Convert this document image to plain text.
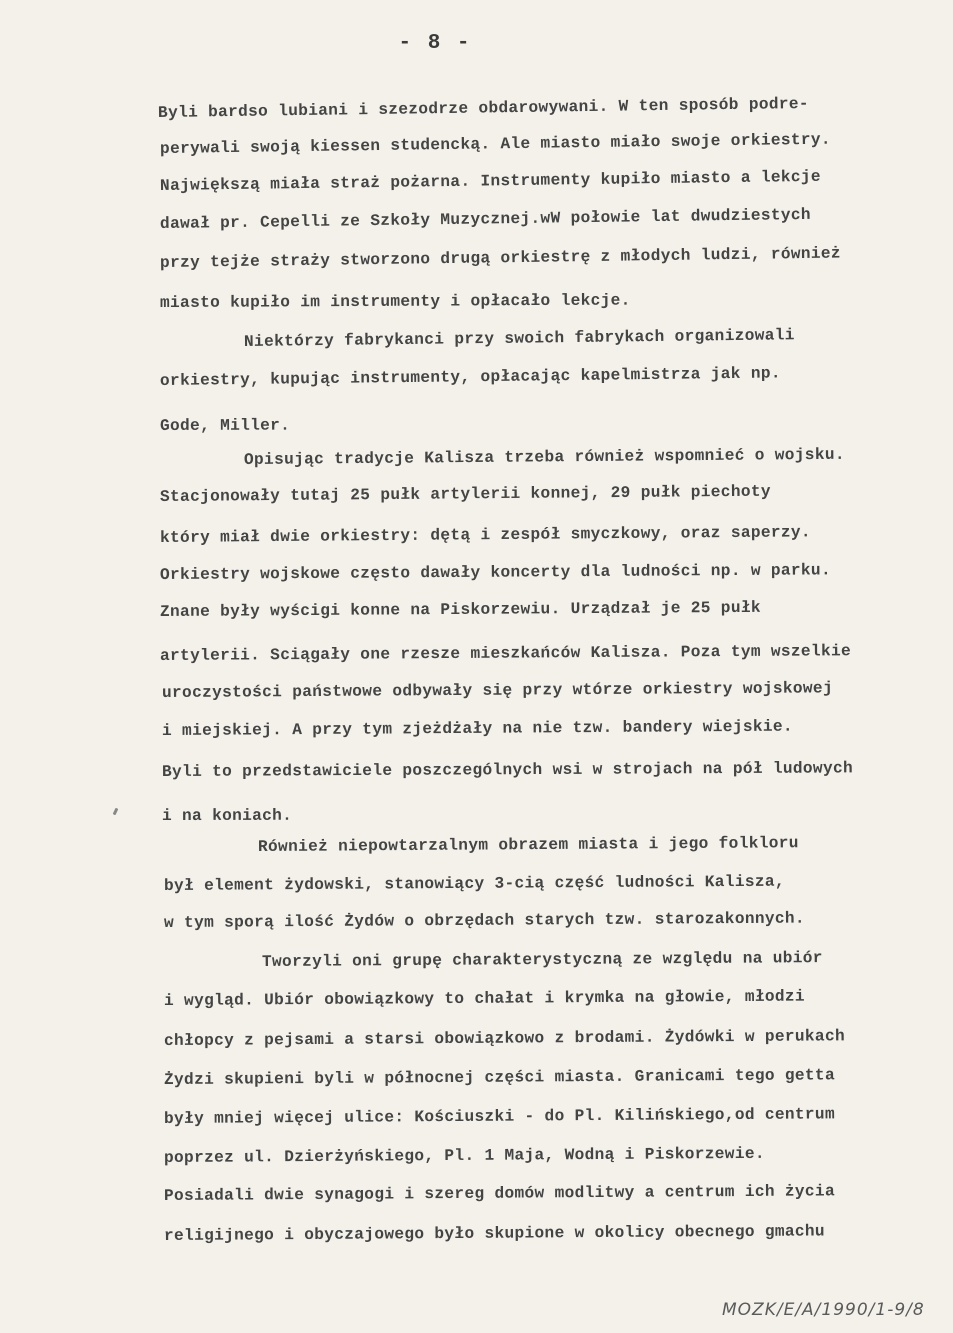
- 8 -
Byli bardso lubiani i szezodrze obdarowywani. W ten sposób podre-
perywali swoją kiessen studencką. Ale miasto miało swoje orkiestry.
Największą miała straż pożarna. Instrumenty kupiło miasto a lekcje
dawał pr. Cepelli ze Szkoły Muzycznej.wW połowie lat dwudziestych
przy tejże straży stworzono drugą orkiestrę z młodych ludzi, również
miasto kupiło im instrumenty i opłacało lekcje.
Niektórzy fabrykanci przy swoich fabrykach organizowali
orkiestry, kupując instrumenty, opłacając kapelmistrza jak np.
Gode, Miller.
Opisując tradycje Kalisza trzeba również wspomnieć o wojsku.
Stacjonowały tutaj 25 pułk artylerii konnej, 29 pułk piechoty
który miał dwie orkiestry: dętą i zespół smyczkowy, oraz saperzy.
Orkiestry wojskowe często dawały koncerty dla ludności np. w parku.
Znane były wyścigi konne na Piskorzewiu. Urządzał je 25 pułk
artylerii. Sciągały one rzesze mieszkańców Kalisza. Poza tym wszelkie
uroczystości państwowe odbywały się przy wtórze orkiestry wojskowej
i miejskiej. A przy tym zjeżdżały na nie tzw. bandery wiejskie.
Byli to przedstawiciele poszczególnych wsi w strojach na pół ludowych
i na koniach.
Również niepowtarzalnym obrazem miasta i jego folkloru
był element żydowski, stanowiący 3-cią część ludności Kalisza,
w tym sporą ilość Żydów o obrzędach starych tzw. starozakonnych.
Tworzyli oni grupę charakterystyczną ze względu na ubiór
i wygląd. Ubiór obowiązkowy to chałat i krymka na głowie, młodzi
chłopcy z pejsami a starsi obowiązkowo z brodami. Żydówki w perukach
Żydzi skupieni byli w północnej części miasta. Granicami tego getta
były mniej więcej ulice: Kościuszki - do Pl. Kilińskiego,od centrum
poprzez ul. Dzierżyńskiego, Pl. 1 Maja, Wodną i Piskorzewie.
Posiadali dwie synagogi i szereg domów modlitwy a centrum ich życia
religijnego i obyczajowego było skupione w okolicy obecnego gmachu
MOZK/E/A/1990/1-9/8
